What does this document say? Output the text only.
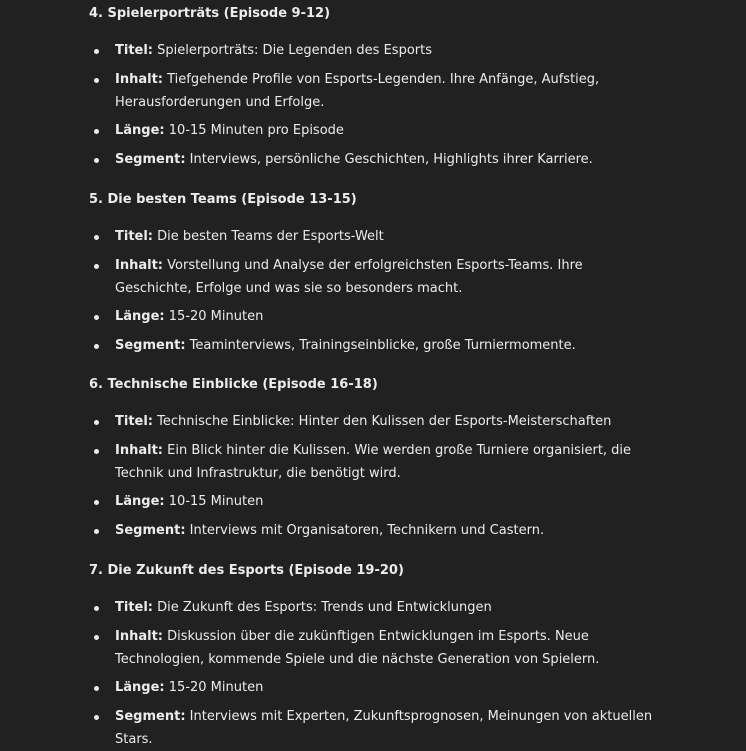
4. Spielerporträts (Episode 9-12)
Titel: Spielerporträts: Die Legenden des Esports
Inhalt: Tiefgehende Profile von Esports-Legenden. Ihre Anfänge, Aufstieg, Herausforderungen und Erfolge.
Länge: 10-15 Minuten pro Episode
Segment: Interviews, persönliche Geschichten, Highlights ihrer Karriere.
5. Die besten Teams (Episode 13-15)
Titel: Die besten Teams der Esports-Welt
Inhalt: Vorstellung und Analyse der erfolgreichsten Esports-Teams. Ihre Geschichte, Erfolge und was sie so besonders macht.
Länge: 15-20 Minuten
Segment: Teaminterviews, Trainingseinblicke, große Turniermomente.
6. Technische Einblicke (Episode 16-18)
Titel: Technische Einblicke: Hinter den Kulissen der Esports-Meisterschaften
Inhalt: Ein Blick hinter die Kulissen. Wie werden große Turniere organisiert, die Technik und Infrastruktur, die benötigt wird.
Länge: 10-15 Minuten
Segment: Interviews mit Organisatoren, Technikern und Castern.
7. Die Zukunft des Esports (Episode 19-20)
Titel: Die Zukunft des Esports: Trends und Entwicklungen
Inhalt: Diskussion über die zukünftigen Entwicklungen im Esports. Neue Technologien, kommende Spiele und die nächste Generation von Spielern.
Länge: 15-20 Minuten
Segment: Interviews mit Experten, Zukunftsprognosen, Meinungen von aktuellen Stars.
